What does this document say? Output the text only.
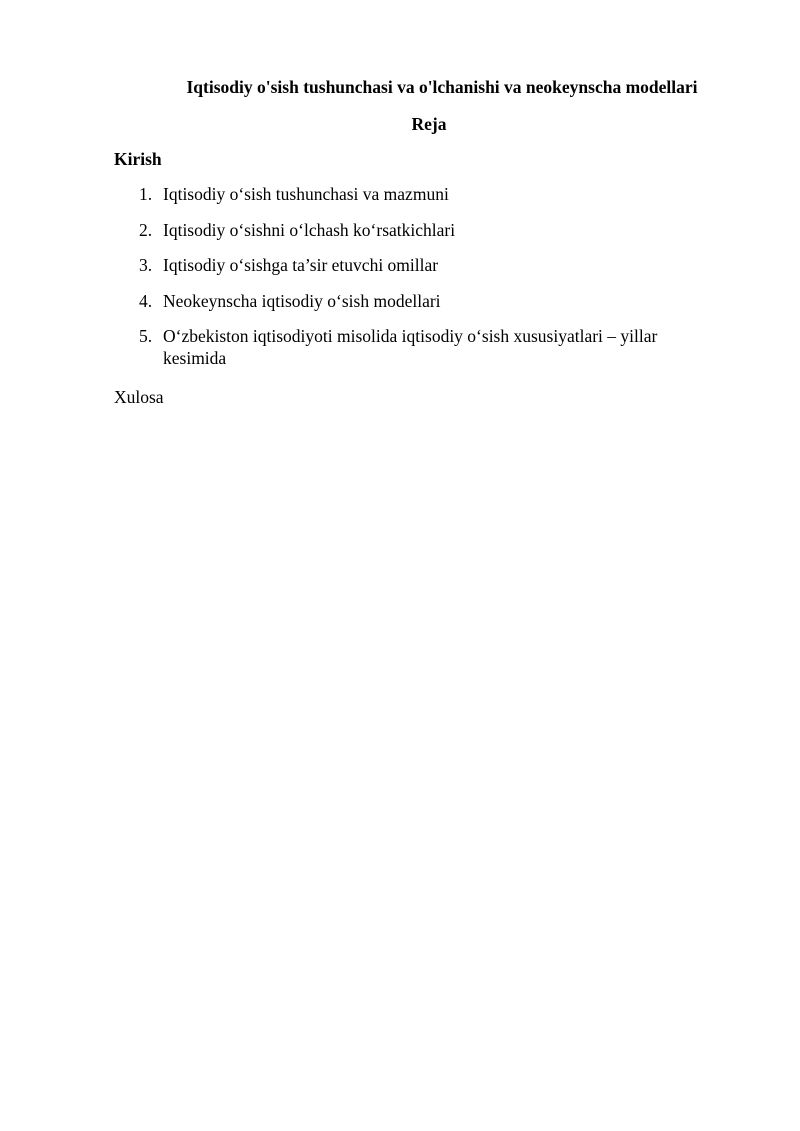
Iqtisodiy o'sish tushunchasi va o'lchanishi va neokeynscha modellari
Reja

Kirish

1. Iqtisodiy o‘sish tushunchasi va mazmuni
2. Iqtisodiy o‘sishni o‘lchash ko‘rsatkichlari
3. Iqtisodiy o‘sishga ta’sir etuvchi omillar
4. Neokeynscha iqtisodiy o‘sish modellari
5. O‘zbekiston iqtisodiyoti misolida iqtisodiy o‘sish xususiyatlari – yillar kesimida

Xulosa
